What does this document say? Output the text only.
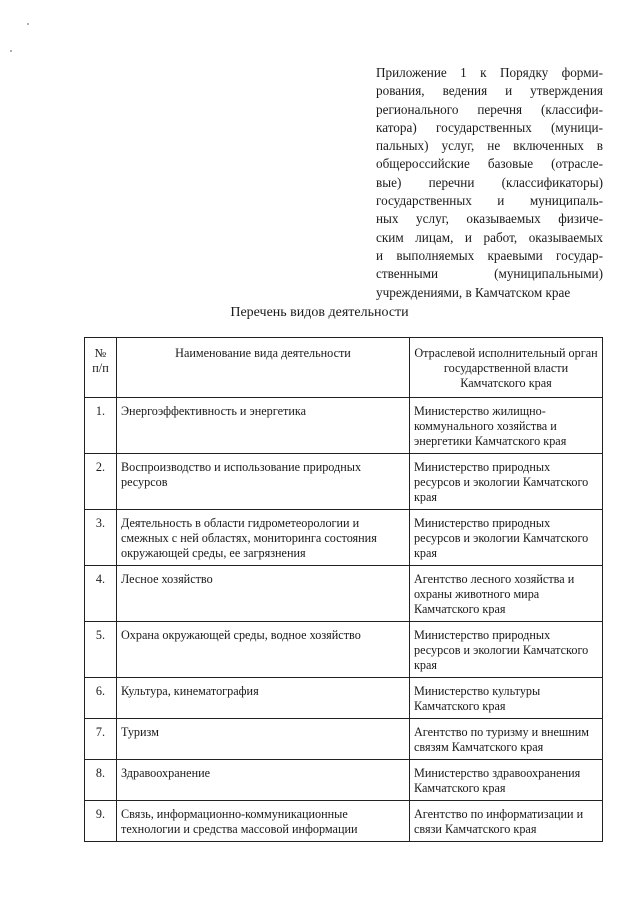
Приложение 1 к Порядку форми-
рования, ведения и утверждения
регионального перечня (классифи-
катора) государственных (муници-
пальных) услуг, не включенных в
общероссийские базовые (отрасле-
вые) перечни (классификаторы)
государственных и муниципаль-
ных услуг, оказываемых физиче-
ским лицам, и работ, оказываемых
и выполняемых краевыми государ-
ственными (муниципальными)
учреждениями, в Камчатском крае
Перечень видов деятельности
№ п/п	Наименование вида деятельности	Отраслевой исполнительный орган государственной власти Камчатского края
1.	Энергоэффективность и энергетика	Министерство жилищно-коммунального хозяйства и энергетики Камчатского края
2.	Воспроизводство и использование природных ресурсов	Министерство природных ресурсов и экологии Камчатского края
3.	Деятельность в области гидрометеорологии и смежных с ней областях, мониторинга состояния окружающей среды, ее загрязнения	Министерство природных ресурсов и экологии Камчатского края
4.	Лесное хозяйство	Агентство лесного хозяйства и охраны животного мира Камчатского края
5.	Охрана окружающей среды, водное хозяйство	Министерство природных ресурсов и экологии Камчатского края
6.	Культура, кинематография	Министерство культуры Камчатского края
7.	Туризм	Агентство по туризму и внешним связям Камчатского края
8.	Здравоохранение	Министерство здравоохранения Камчатского края
9.	Связь, информационно-коммуникационные технологии и средства массовой информации	Агентство по информатизации и связи Камчатского края
